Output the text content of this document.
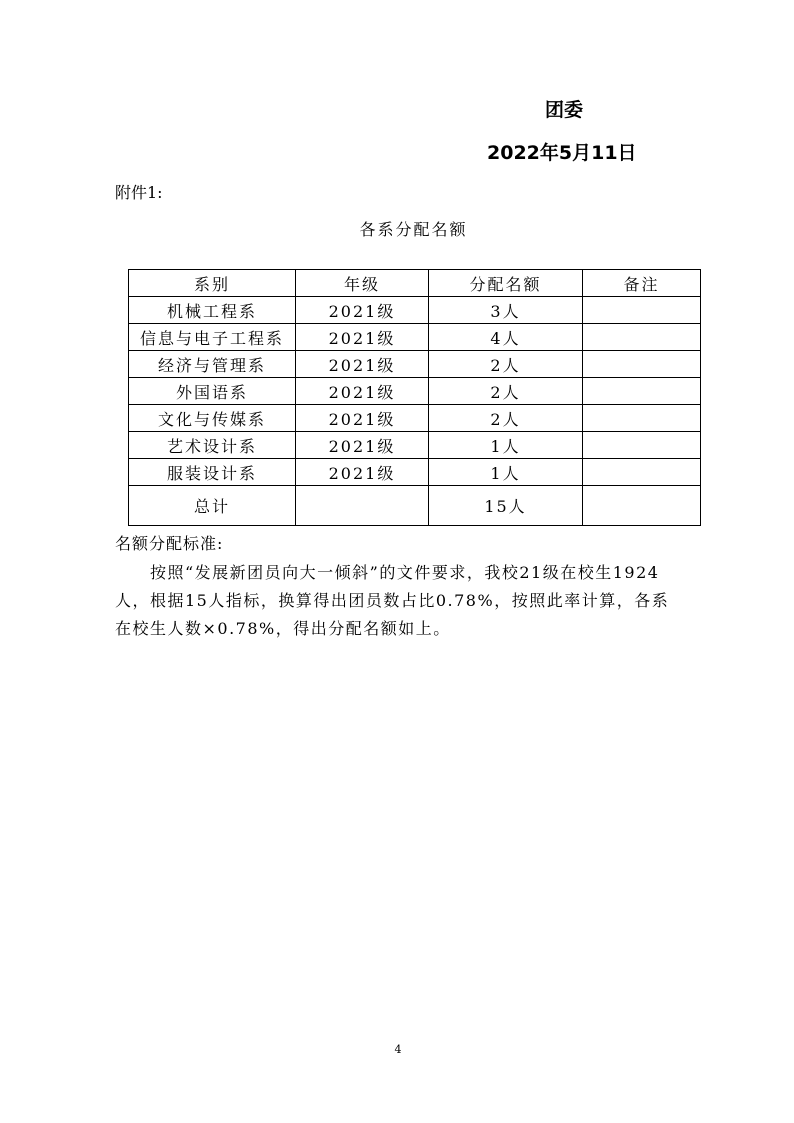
团委
2022年5月11日
附件1:
各系分配名额
系别	年级	分配名额	备注
机械工程系	2021级	3人	
信息与电子工程系	2021级	4人	
经济与管理系	2021级	2人	
外国语系	2021级	2人	
文化与传媒系	2021级	2人	
艺术设计系	2021级	1人	
服装设计系	2021级	1人	
总计		15人	
名额分配标准:
按照“发展新团员向大一倾斜”的文件要求，我校21级在校生1924
人，根据15人指标，换算得出团员数占比0.78%，按照此率计算，各系
在校生人数×0.78%，得出分配名额如上。
4
